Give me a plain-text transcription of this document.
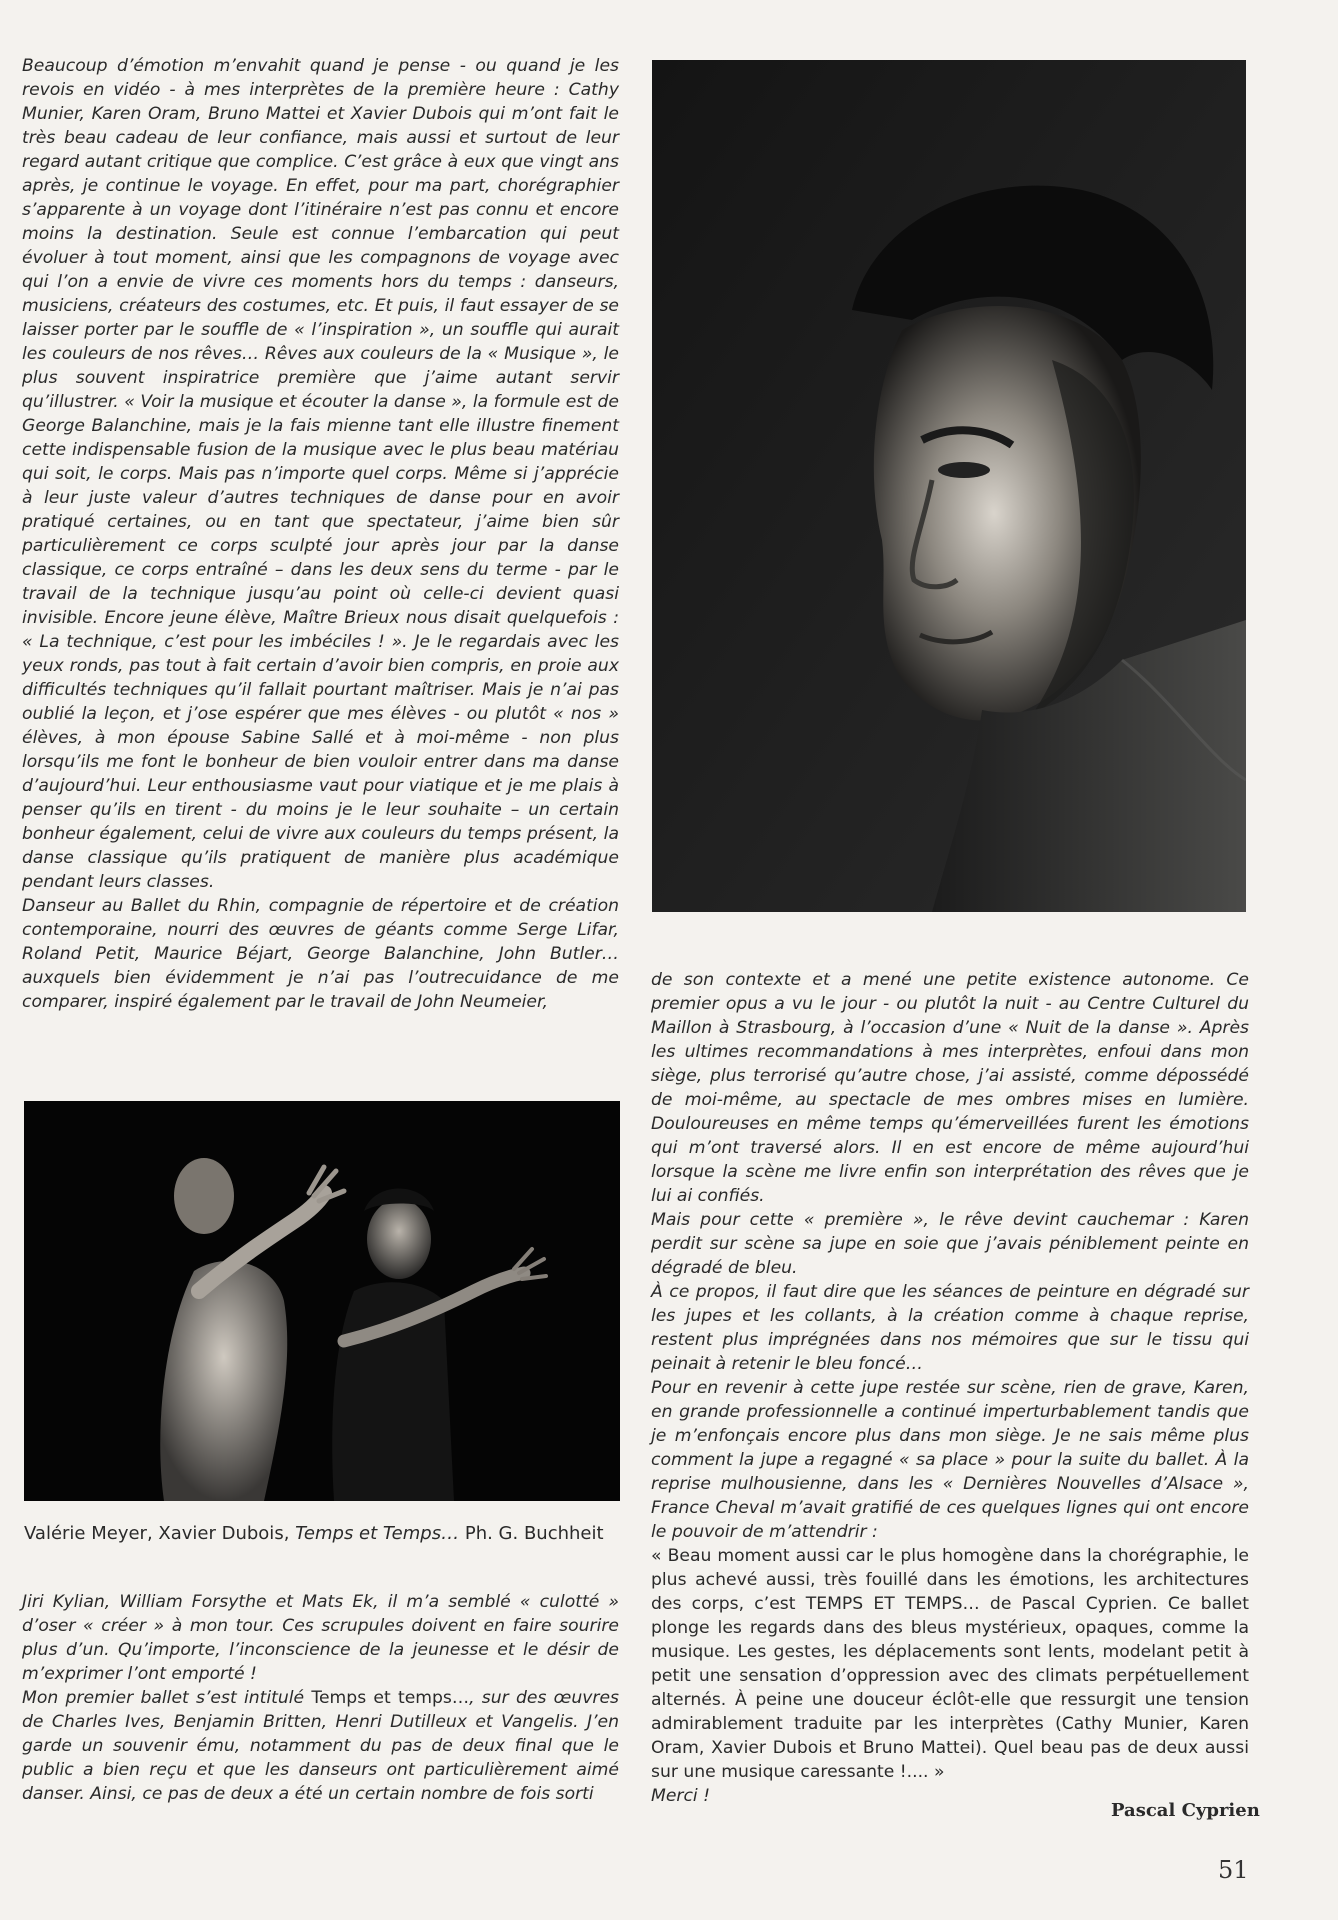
Beaucoup d’émotion m’envahit quand je pense - ou quand je les revois en vidéo - à mes interprètes de la première heure : Cathy Munier, Karen Oram, Bruno Mattei et Xavier Dubois qui m’ont fait le très beau cadeau de leur confiance, mais aussi et surtout de leur regard autant critique que complice. C’est grâce à eux que vingt ans après, je continue le voyage. En effet, pour ma part, chorégraphier s’apparente à un voyage dont l’itinéraire n’est pas connu et encore moins la destination. Seule est connue l’embarcation qui peut évoluer à tout moment, ainsi que les compagnons de voyage avec qui l’on a envie de vivre ces moments hors du temps : danseurs, musiciens, créateurs des costumes, etc. Et puis, il faut essayer de se laisser porter par le souffle de « l’inspiration », un souffle qui aurait les couleurs de nos rêves… Rêves aux couleurs de la « Musique », le plus souvent inspiratrice première que j’aime autant servir qu’illustrer. « Voir la musique et écouter la danse », la formule est de George Balanchine, mais je la fais mienne tant elle illustre finement cette indispensable fusion de la musique avec le plus beau matériau qui soit, le corps. Mais pas n’importe quel corps. Même si j’apprécie à leur juste valeur d’autres techniques de danse pour en avoir pratiqué certaines, ou en tant que spectateur, j’aime bien sûr particulièrement ce corps sculpté jour après jour par la danse classique, ce corps entraîné – dans les deux sens du terme - par le travail de la technique jusqu’au point où celle-ci devient quasi invisible. Encore jeune élève, Maître Brieux nous disait quelquefois : « La technique, c’est pour les imbéciles ! ». Je le regardais avec les yeux ronds, pas tout à fait certain d’avoir bien compris, en proie aux difficultés techniques qu’il fallait pourtant maîtriser. Mais je n’ai pas oublié la leçon, et j’ose espérer que mes élèves - ou plutôt « nos » élèves, à mon épouse Sabine Sallé et à moi-même - non plus lorsqu’ils me font le bonheur de bien vouloir entrer dans ma danse d’aujourd’hui. Leur enthousiasme vaut pour viatique et je me plais à penser qu’ils en tirent - du moins je le leur souhaite – un certain bonheur également, celui de vivre aux couleurs du temps présent, la danse classique qu’ils pratiquent de manière plus académique pendant leurs classes.

Danseur au Ballet du Rhin, compagnie de répertoire et de création contemporaine, nourri des œuvres de géants comme Serge Lifar, Roland Petit, Maurice Béjart, George Balanchine, John Butler… auxquels bien évidemment je n’ai pas l’outrecuidance de me comparer, inspiré également par le travail de John Neumeier,

Valérie Meyer, Xavier Dubois, Temps et Temps… Ph. G. Buchheit

Jiri Kylian, William Forsythe et Mats Ek, il m’a semblé « culotté » d’oser « créer » à mon tour. Ces scrupules doivent en faire sourire plus d’un. Qu’importe, l’inconscience de la jeunesse et le désir de m’exprimer l’ont emporté !

Mon premier ballet s’est intitulé Temps et temps…, sur des œuvres de Charles Ives, Benjamin Britten, Henri Dutilleux et Vangelis. J’en garde un souvenir ému, notamment du pas de deux final que le public a bien reçu et que les danseurs ont particulièrement aimé danser. Ainsi, ce pas de deux a été un certain nombre de fois sorti

de son contexte et a mené une petite existence autonome. Ce premier opus a vu le jour - ou plutôt la nuit - au Centre Culturel du Maillon à Strasbourg, à l’occasion d’une « Nuit de la danse ». Après les ultimes recommandations à mes interprètes, enfoui dans mon siège, plus terrorisé qu’autre chose, j’ai assisté, comme dépossédé de moi-même, au spectacle de mes ombres mises en lumière. Douloureuses en même temps qu’émerveillées furent les émotions qui m’ont traversé alors. Il en est encore de même aujourd’hui lorsque la scène me livre enfin son interprétation des rêves que je lui ai confiés.

Mais pour cette « première », le rêve devint cauchemar : Karen perdit sur scène sa jupe en soie que j’avais péniblement peinte en dégradé de bleu.

À ce propos, il faut dire que les séances de peinture en dégradé sur les jupes et les collants, à la création comme à chaque reprise, restent plus imprégnées dans nos mémoires que sur le tissu qui peinait à retenir le bleu foncé…

Pour en revenir à cette jupe restée sur scène, rien de grave, Karen, en grande professionnelle a continué imperturbablement tandis que je m’enfonçais encore plus dans mon siège. Je ne sais même plus comment la jupe a regagné « sa place » pour la suite du ballet. À la reprise mulhousienne, dans les « Dernières Nouvelles d’Alsace », France Cheval m’avait gratifié de ces quelques lignes qui ont encore le pouvoir de m’attendrir :

« Beau moment aussi car le plus homogène dans la chorégraphie, le plus achevé aussi, très fouillé dans les émotions, les architectures des corps, c’est TEMPS ET TEMPS… de Pascal Cyprien. Ce ballet plonge les regards dans des bleus mystérieux, opaques, comme la musique. Les gestes, les déplacements sont lents, modelant petit à petit une sensation d’oppression avec des climats perpétuellement alternés. À peine une douceur éclôt-elle que ressurgit une tension admirablement traduite par les interprètes (Cathy Munier, Karen Oram, Xavier Dubois et Bruno Mattei). Quel beau pas de deux aussi sur une musique caressante !.... »

Merci !

Pascal Cyprien
51
